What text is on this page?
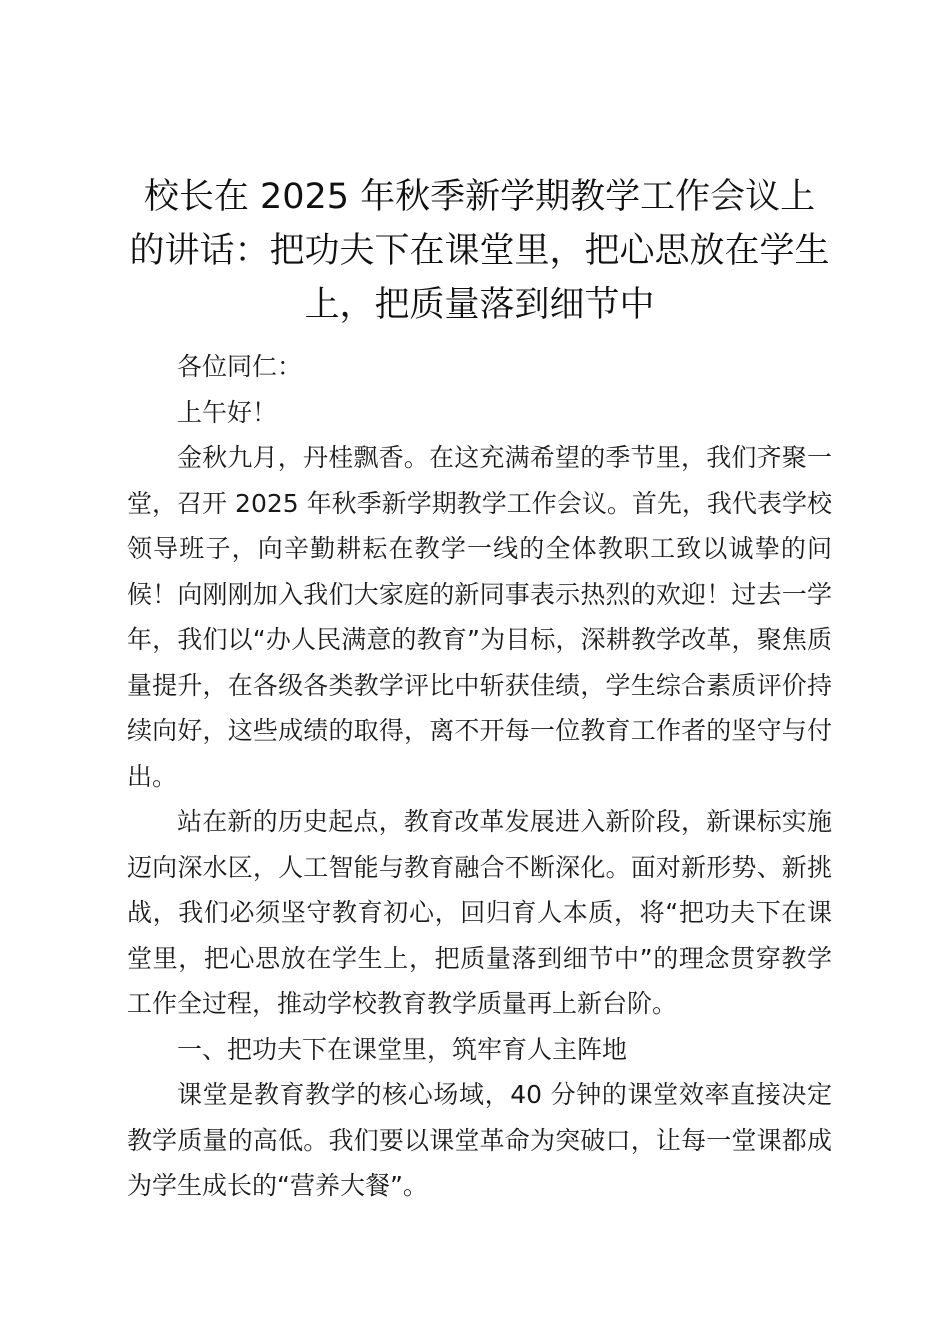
校长在 2025 年秋季新学期教学工作会议上的讲话：把功夫下在课堂里，把心思放在学生上，把质量落到细节中

各位同仁：

上午好！

金秋九月，丹桂飘香。在这充满希望的季节里，我们齐聚一堂，召开 2025 年秋季新学期教学工作会议。首先，我代表学校领导班子，向辛勤耕耘在教学一线的全体教职工致以诚挚的问候！向刚刚加入我们大家庭的新同事表示热烈的欢迎！过去一学年，我们以“办人民满意的教育”为目标，深耕教学改革，聚焦质量提升，在各级各类教学评比中斩获佳绩，学生综合素质评价持续向好，这些成绩的取得，离不开每一位教育工作者的坚守与付出。

站在新的历史起点，教育改革发展进入新阶段，新课标实施迈向深水区，人工智能与教育融合不断深化。面对新形势、新挑战，我们必须坚守教育初心，回归育人本质，将“把功夫下在课堂里，把心思放在学生上，把质量落到细节中”的理念贯穿教学工作全过程，推动学校教育教学质量再上新台阶。

一、把功夫下在课堂里，筑牢育人主阵地

课堂是教育教学的核心场域，40 分钟的课堂效率直接决定教学质量的高低。我们要以课堂革命为突破口，让每一堂课都成为学生成长的“营养大餐”。
